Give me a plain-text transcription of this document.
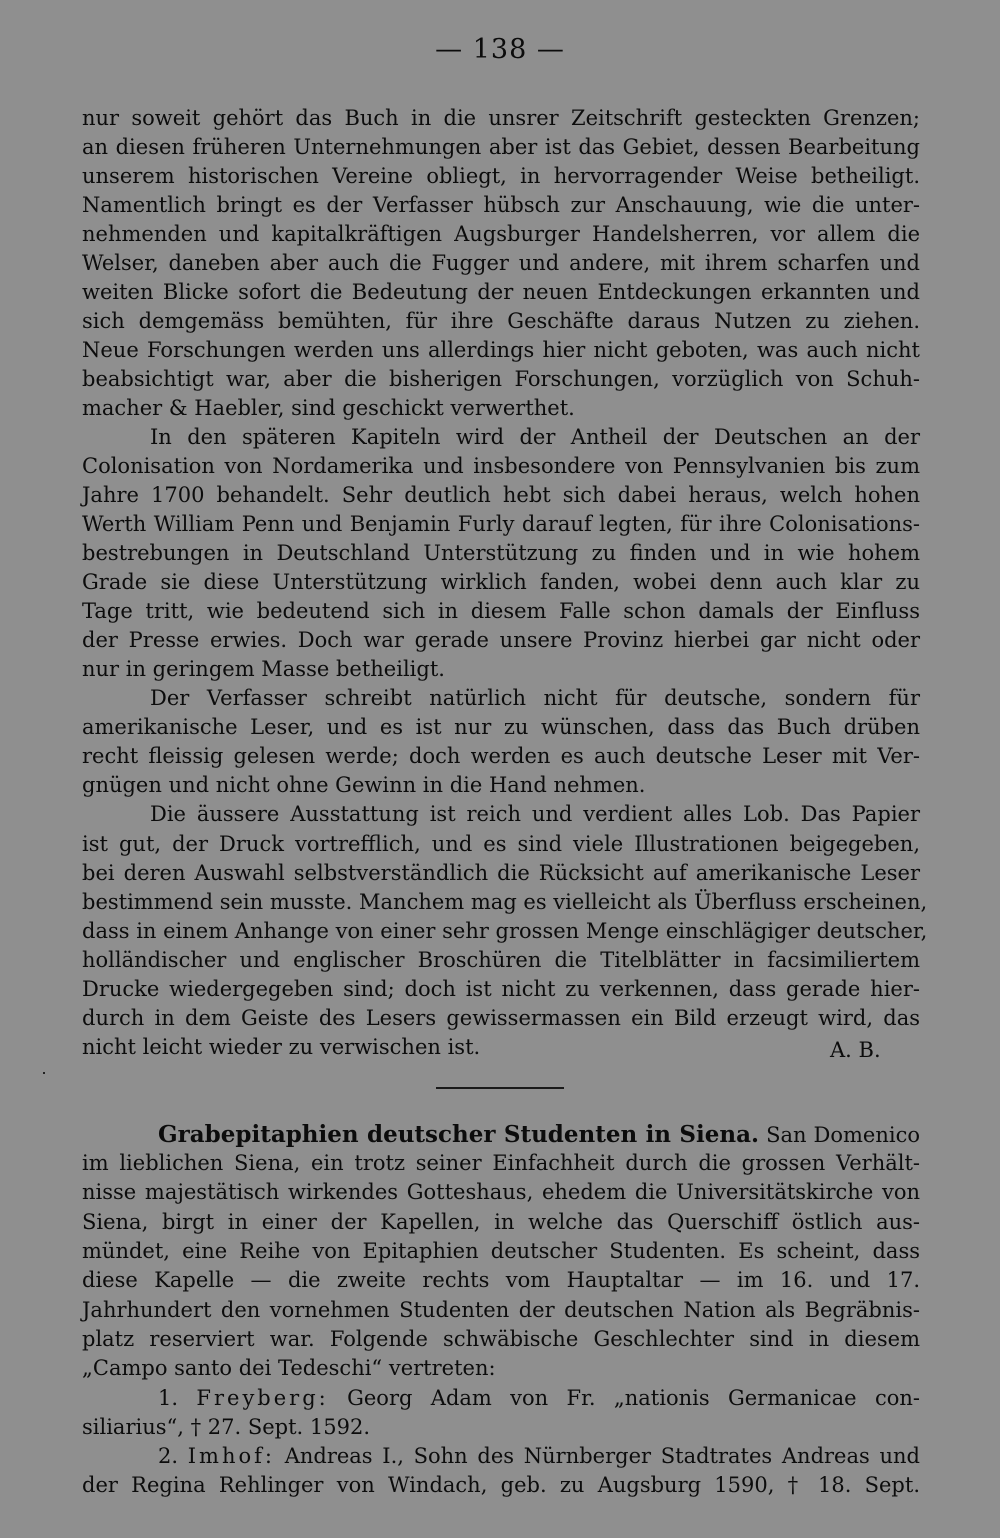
— 138 —
nur soweit gehört das Buch in die unsrer Zeitschrift gesteckten Grenzen;
an diesen früheren Unternehmungen aber ist das Gebiet, dessen Bearbeitung
unserem historischen Vereine obliegt, in hervorragender Weise betheiligt.
Namentlich bringt es der Verfasser hübsch zur Anschauung, wie die unter-
nehmenden und kapitalkräftigen Augsburger Handelsherren, vor allem die
Welser, daneben aber auch die Fugger und andere, mit ihrem scharfen und
weiten Blicke sofort die Bedeutung der neuen Entdeckungen erkannten und
sich demgemäss bemühten, für ihre Geschäfte daraus Nutzen zu ziehen.
Neue Forschungen werden uns allerdings hier nicht geboten, was auch nicht
beabsichtigt war, aber die bisherigen Forschungen, vorzüglich von Schuh-
macher & Haebler, sind geschickt verwerthet.
In den späteren Kapiteln wird der Antheil der Deutschen an der
Colonisation von Nordamerika und insbesondere von Pennsylvanien bis zum
Jahre 1700 behandelt. Sehr deutlich hebt sich dabei heraus, welch hohen
Werth William Penn und Benjamin Furly darauf legten, für ihre Colonisations-
bestrebungen in Deutschland Unterstützung zu finden und in wie hohem
Grade sie diese Unterstützung wirklich fanden, wobei denn auch klar zu
Tage tritt, wie bedeutend sich in diesem Falle schon damals der Einfluss
der Presse erwies. Doch war gerade unsere Provinz hierbei gar nicht oder
nur in geringem Masse betheiligt.
Der Verfasser schreibt natürlich nicht für deutsche, sondern für
amerikanische Leser, und es ist nur zu wünschen, dass das Buch drüben
recht fleissig gelesen werde; doch werden es auch deutsche Leser mit Ver-
gnügen und nicht ohne Gewinn in die Hand nehmen.
Die äussere Ausstattung ist reich und verdient alles Lob. Das Papier
ist gut, der Druck vortrefflich, und es sind viele Illustrationen beigegeben,
bei deren Auswahl selbstverständlich die Rücksicht auf amerikanische Leser
bestimmend sein musste. Manchem mag es vielleicht als Überfluss erscheinen,
dass in einem Anhange von einer sehr grossen Menge einschlägiger deutscher,
holländischer und englischer Broschüren die Titelblätter in facsimiliertem
Drucke wiedergegeben sind; doch ist nicht zu verkennen, dass gerade hier-
durch in dem Geiste des Lesers gewissermassen ein Bild erzeugt wird, das
nicht leicht wieder zu verwischen ist.	A. B.
Grabepitaphien deutscher Studenten in Siena. San Domenico
im lieblichen Siena, ein trotz seiner Einfachheit durch die grossen Verhält-
nisse majestätisch wirkendes Gotteshaus, ehedem die Universitätskirche von
Siena, birgt in einer der Kapellen, in welche das Querschiff östlich aus-
mündet, eine Reihe von Epitaphien deutscher Studenten. Es scheint, dass
diese Kapelle — die zweite rechts vom Hauptaltar — im 16. und 17.
Jahrhundert den vornehmen Studenten der deutschen Nation als Begräbnis-
platz reserviert war. Folgende schwäbische Geschlechter sind in diesem
„Campo santo dei Tedeschi“ vertreten:
1. Freyberg: Georg Adam von Fr. „nationis Germanicae con-
siliarius“, † 27. Sept. 1592.
2. Imhof: Andreas I., Sohn des Nürnberger Stadtrates Andreas und
der Regina Rehlinger von Windach, geb. zu Augsburg 1590, † 18. Sept.
